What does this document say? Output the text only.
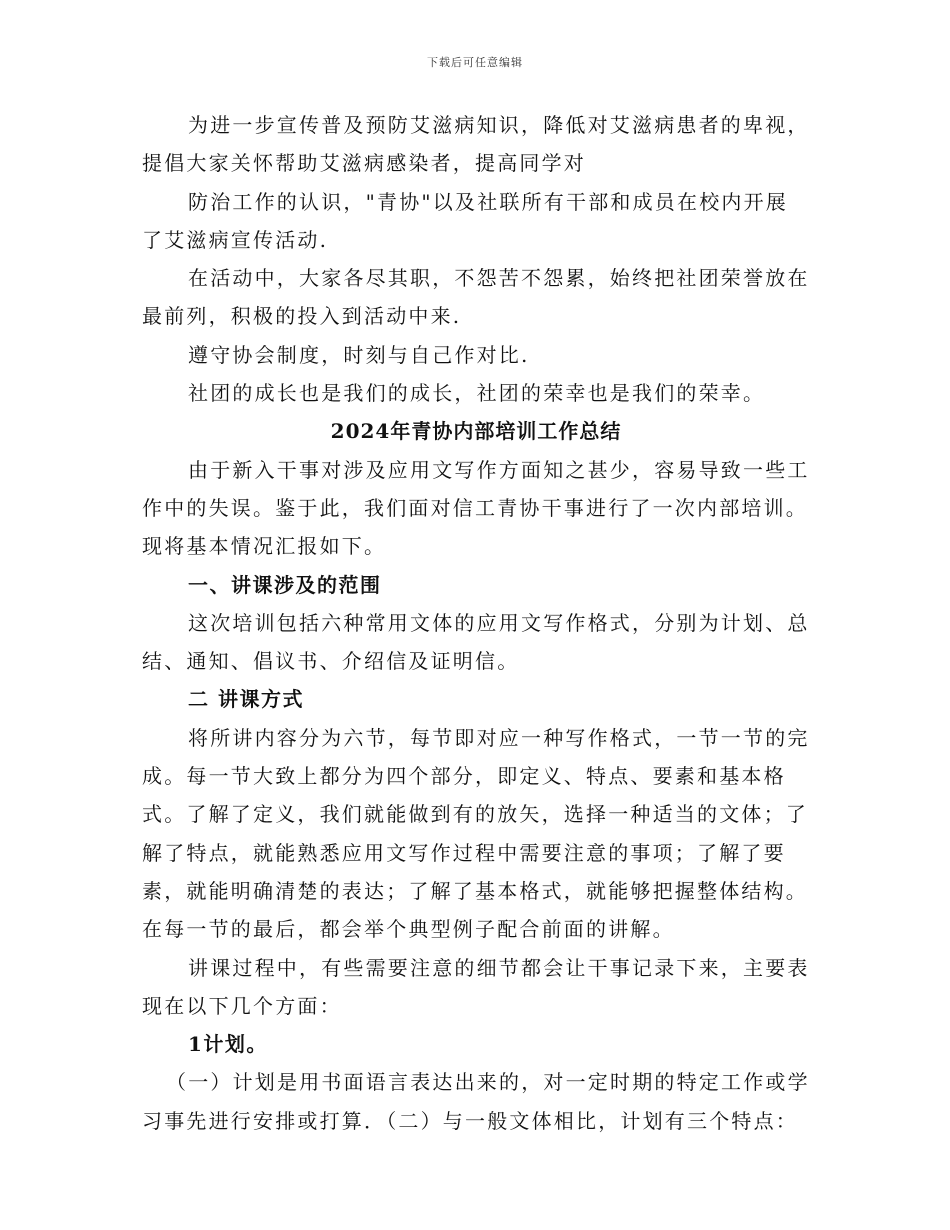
下载后可任意编辑

为进一步宣传普及预防艾滋病知识，降低对艾滋病患者的卑视，提倡大家关怀帮助艾滋病感染者，提高同学对

防治工作的认识，"青协"以及社联所有干部和成员在校内开展了艾滋病宣传活动.

在活动中，大家各尽其职，不怨苦不怨累，始终把社团荣誉放在最前列，积极的投入到活动中来.

遵守协会制度，时刻与自己作对比.

社团的成长也是我们的成长，社团的荣幸也是我们的荣幸。

2024年青协内部培训工作总结

由于新入干事对涉及应用文写作方面知之甚少，容易导致一些工作中的失误。鉴于此，我们面对信工青协干事进行了一次内部培训。现将基本情况汇报如下。

一、讲课涉及的范围

这次培训包括六种常用文体的应用文写作格式，分别为计划、总结、通知、倡议书、介绍信及证明信。

二 讲课方式

将所讲内容分为六节，每节即对应一种写作格式，一节一节的完成。每一节大致上都分为四个部分，即定义、特点、要素和基本格式。了解了定义，我们就能做到有的放矢，选择一种适当的文体；了解了特点，就能熟悉应用文写作过程中需要注意的事项；了解了要素，就能明确清楚的表达；了解了基本格式，就能够把握整体结构。在每一节的最后，都会举个典型例子配合前面的讲解。

讲课过程中，有些需要注意的细节都会让干事记录下来，主要表现在以下几个方面：

1计划。

（一）计划是用书面语言表达出来的，对一定时期的特定工作或学习事先进行安排或打算．（二）与一般文体相比，计划有三个特点：
